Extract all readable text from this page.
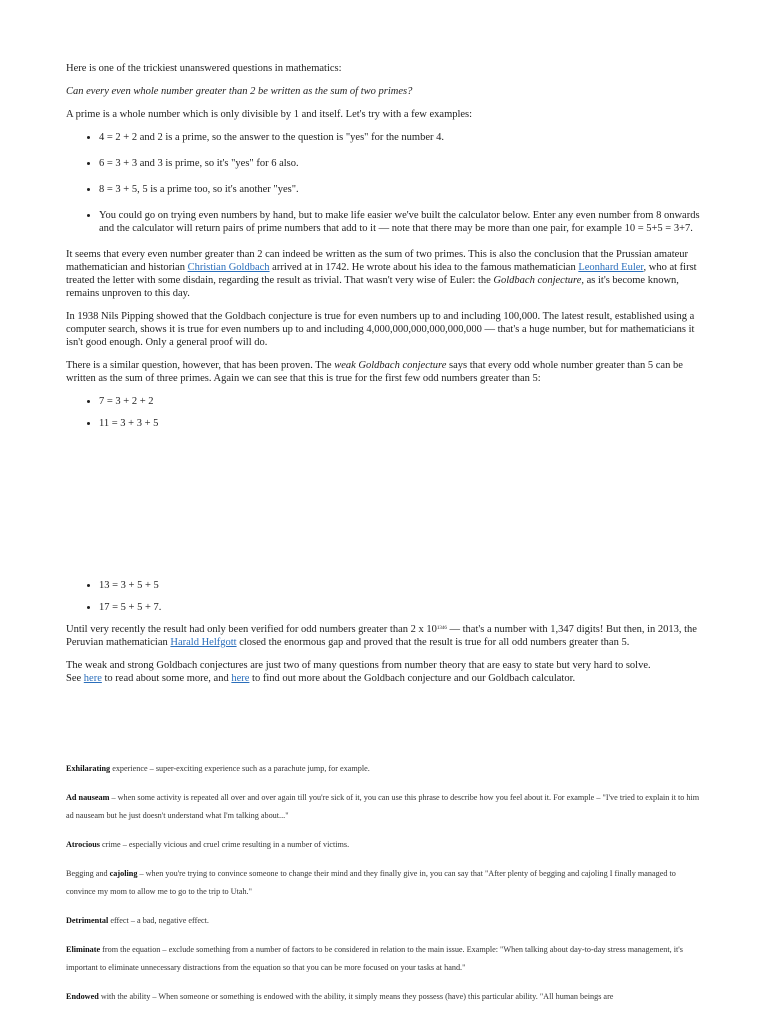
Here is one of the trickiest unanswered questions in mathematics:

Can every even whole number greater than 2 be written as the sum of two primes?

A prime is a whole number which is only divisible by 1 and itself. Let's try with a few examples:

• 4 = 2 + 2 and 2 is a prime, so the answer to the question is "yes" for the number 4.
• 6 = 3 + 3 and 3 is prime, so it's "yes" for 6 also.
• 8 = 3 + 5, 5 is a prime too, so it's another "yes".
• You could go on trying even numbers by hand, but to make life easier we've built the calculator below. Enter any even number from 8 onwards and the calculator will return pairs of prime numbers that add to it — note that there may be more than one pair, for example 10 = 5+5 = 3+7.

It seems that every even number greater than 2 can indeed be written as the sum of two primes. This is also the conclusion that the Prussian amateur mathematician and historian Christian Goldbach arrived at in 1742. He wrote about his idea to the famous mathematician Leonhard Euler, who at first treated the letter with some disdain, regarding the result as trivial. That wasn't very wise of Euler: the Goldbach conjecture, as it's become known, remains unproven to this day.

In 1938 Nils Pipping showed that the Goldbach conjecture is true for even numbers up to and including 100,000. The latest result, established using a computer search, shows it is true for even numbers up to and including 4,000,000,000,000,000,000 — that's a huge number, but for mathematicians it isn't good enough. Only a general proof will do.

There is a similar question, however, that has been proven. The weak Goldbach conjecture says that every odd whole number greater than 5 can be written as the sum of three primes. Again we can see that this is true for the first few odd numbers greater than 5:

• 7 = 3 + 2 + 2
• 11 = 3 + 3 + 5
• 13 = 3 + 5 + 5
• 17 = 5 + 5 + 7.

Until very recently the result had only been verified for odd numbers greater than 2 x $10^{1346}$ — that's a number with 1,347 digits! But then, in 2013, the Peruvian mathematician Harald Helfgott closed the enormous gap and proved that the result is true for all odd numbers greater than 5.

The weak and strong Goldbach conjectures are just two of many questions from number theory that are easy to state but very hard to solve.
See here to read about some more, and here to find out more about the Goldbach conjecture and our Goldbach calculator.

Exhilarating experience – super-exciting experience such as a parachute jump, for example.

Ad nauseam – when some activity is repeated all over and over again till you're sick of it, you can use this phrase to describe how you feel about it. For example – "I've tried to explain it to him ad nauseam but he just doesn't understand what I'm talking about..."

Atrocious crime – especially vicious and cruel crime resulting in a number of victims.

Begging and cajoling – when you're trying to convince someone to change their mind and they finally give in, you can say that "After plenty of begging and cajoling I finally managed to convince my mom to allow me to go to the trip to Utah."

Detrimental effect – a bad, negative effect.

Eliminate from the equation – exclude something from a number of factors to be considered in relation to the main issue. Example: "When talking about day-to-day stress management, it's important to eliminate unnecessary distractions from the equation so that you can be more focused on your tasks at hand."

Endowed with the ability – When someone or something is endowed with the ability, it simply means they possess (have) this particular ability. "All human beings are
